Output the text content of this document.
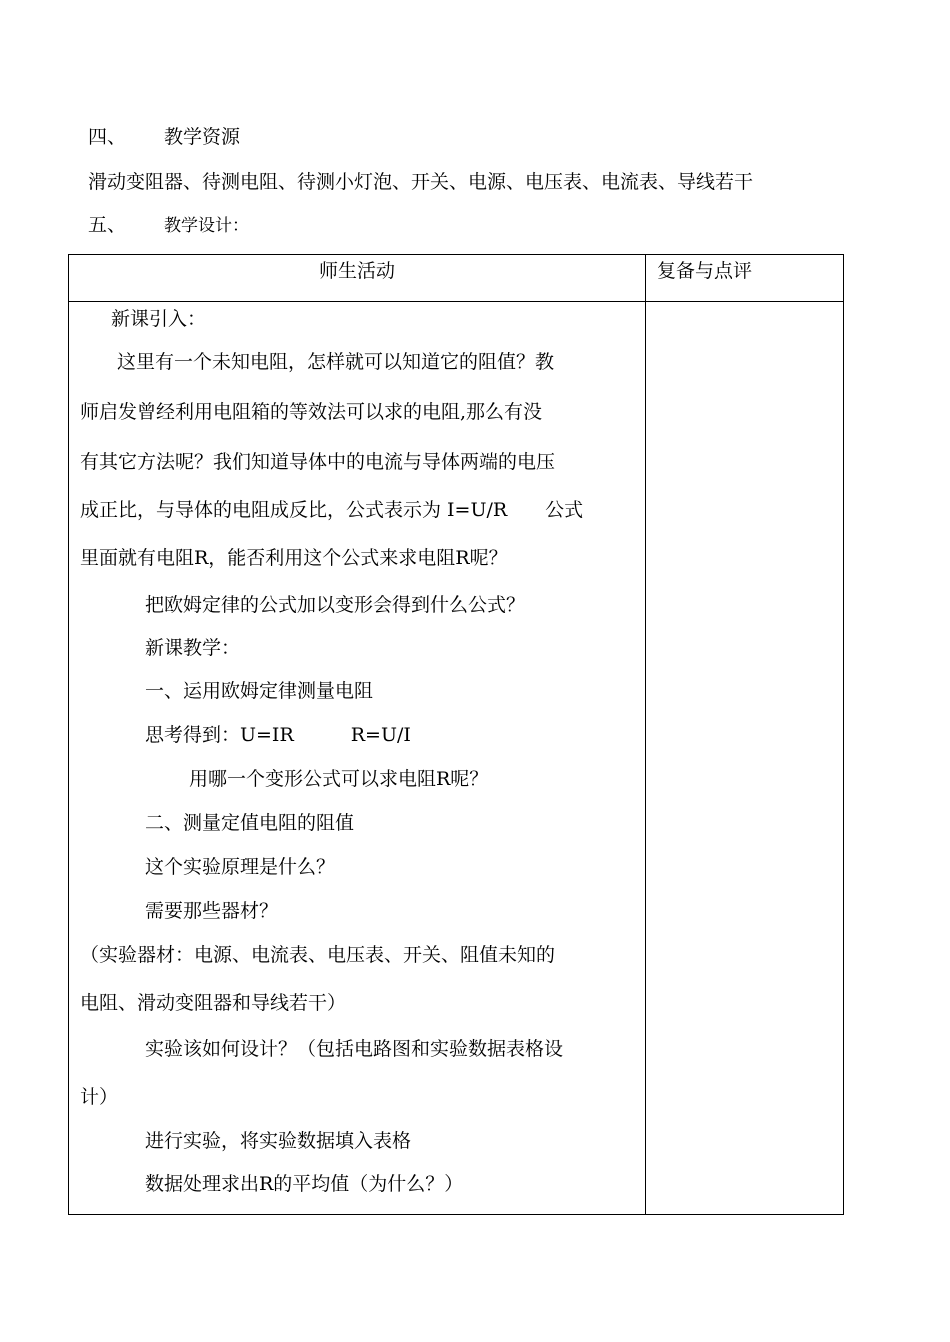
四、 教学资源
滑动变阻器、待测电阻、待测小灯泡、开关、电源、电压表、电流表、导线若干
五、 教学设计：
师生活动	复备与点评
新课引入：
这里有一个未知电阻，怎样就可以知道它的阻值？教
师启发曾经利用电阻箱的等效法可以求的电阻,那么有没
有其它方法呢？我们知道导体中的电流与导体两端的电压
成正比，与导体的电阻成反比，公式表示为 I=U/R　　公式
里面就有电阻R，能否利用这个公式来求电阻R呢？
把欧姆定律的公式加以变形会得到什么公式？
新课教学：
一、运用欧姆定律测量电阻
思考得到：U=IR　　　R=U/I
用哪一个变形公式可以求电阻R呢？
二、测量定值电阻的阻值
这个实验原理是什么？
需要那些器材？
（实验器材：电源、电流表、电压表、开关、阻值未知的
电阻、滑动变阻器和导线若干）
实验该如何设计？（包括电路图和实验数据表格设
计）
进行实验，将实验数据填入表格
数据处理求出R的平均值（为什么？）
